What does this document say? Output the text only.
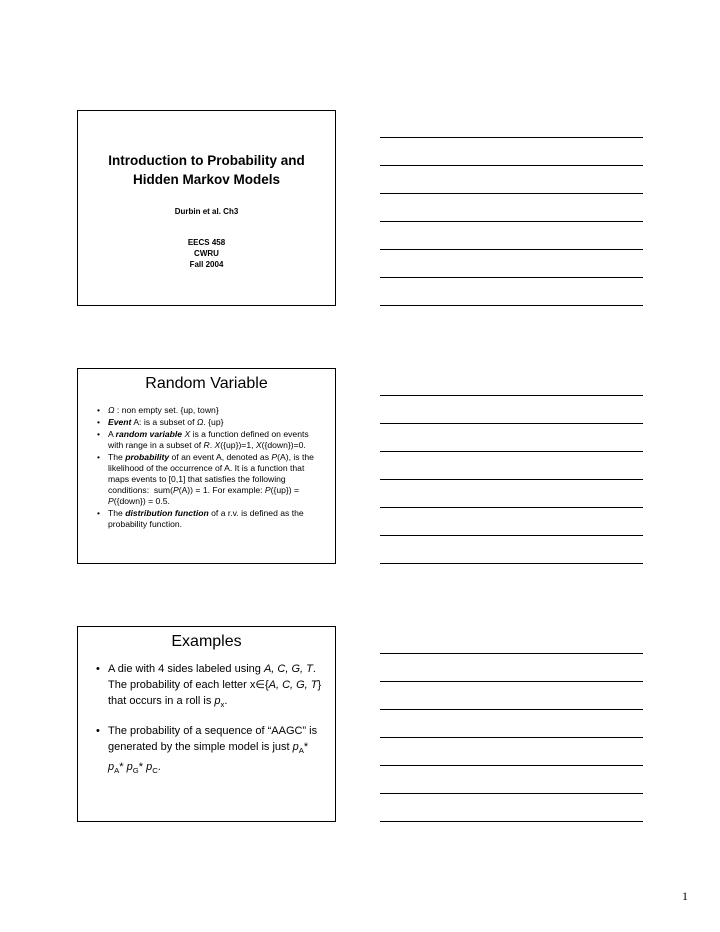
Introduction to Probability and Hidden Markov Models
Durbin et al. Ch3
EECS 458
CWRU
Fall 2004
Random Variable
• Ω : non empty set. {up, town}
• Event A: is a subset of Ω. {up}
• A random variable X is a function defined on events with range in a subset of R. X({up})=1, X({down})=0.
• The probability of an event A, denoted as P(A), is the likelihood of the occurrence of A. It is a function that maps events to [0,1] that satisfies the following conditions:  sum(P(A)) = 1. For example: P({up}) = P({down}) = 0.5.
• The distribution function of a r.v. is defined as the probability function.
Examples
• A die with 4 sides labeled using A, C, G, T. The probability of each letter x∈{A, C, G, T} that occurs in a roll is $p_x$.
• The probability of a sequence of “AAGC” is generated by the simple model is just $p_A*$ $p_A*$ $p_G*$ $p_C$.
1
